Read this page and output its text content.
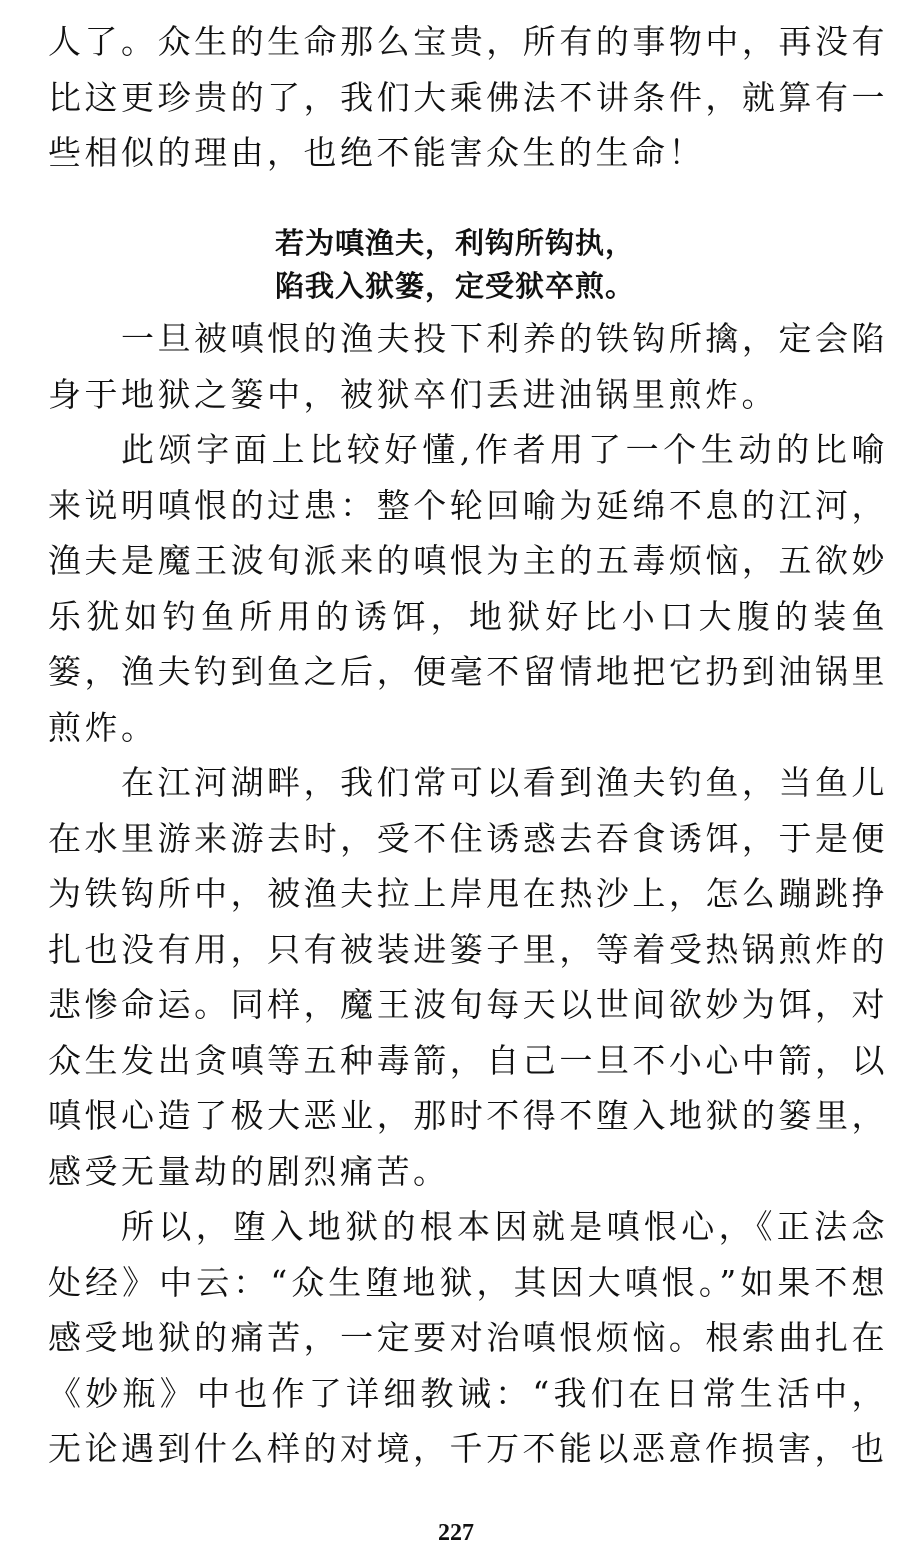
人了。众生的生命那么宝贵，所有的事物中，再没有比这更珍贵的了，我们大乘佛法不讲条件，就算有一些相似的理由，也绝不能害众生的生命！

若为嗔渔夫，利钩所钩执，

陷我入狱篓，定受狱卒煎。

一旦被嗔恨的渔夫投下利养的铁钩所擒，定会陷身于地狱之篓中，被狱卒们丢进油锅里煎炸。

此颂字面上比较好懂,作者用了一个生动的比喻来说明嗔恨的过患：整个轮回喻为延绵不息的江河，渔夫是魔王波旬派来的嗔恨为主的五毒烦恼，五欲妙乐犹如钓鱼所用的诱饵，地狱好比小口大腹的装鱼篓，渔夫钓到鱼之后，便毫不留情地把它扔到油锅里煎炸。

在江河湖畔，我们常可以看到渔夫钓鱼，当鱼儿在水里游来游去时，受不住诱惑去吞食诱饵，于是便为铁钩所中，被渔夫拉上岸甩在热沙上，怎么蹦跳挣扎也没有用，只有被装进篓子里，等着受热锅煎炸的悲惨命运。同样，魔王波旬每天以世间欲妙为饵，对众生发出贪嗔等五种毒箭，自己一旦不小心中箭，以嗔恨心造了极大恶业，那时不得不堕入地狱的篓里，感受无量劫的剧烈痛苦。

所以，堕入地狱的根本因就是嗔恨心，《正法念处经》中云：“众生堕地狱，其因大嗔恨。”如果不想感受地狱的痛苦，一定要对治嗔恨烦恼。根索曲扎在《妙瓶》中也作了详细教诫：“我们在日常生活中，无论遇到什么样的对境，千万不能以恶意作损害，也

227
